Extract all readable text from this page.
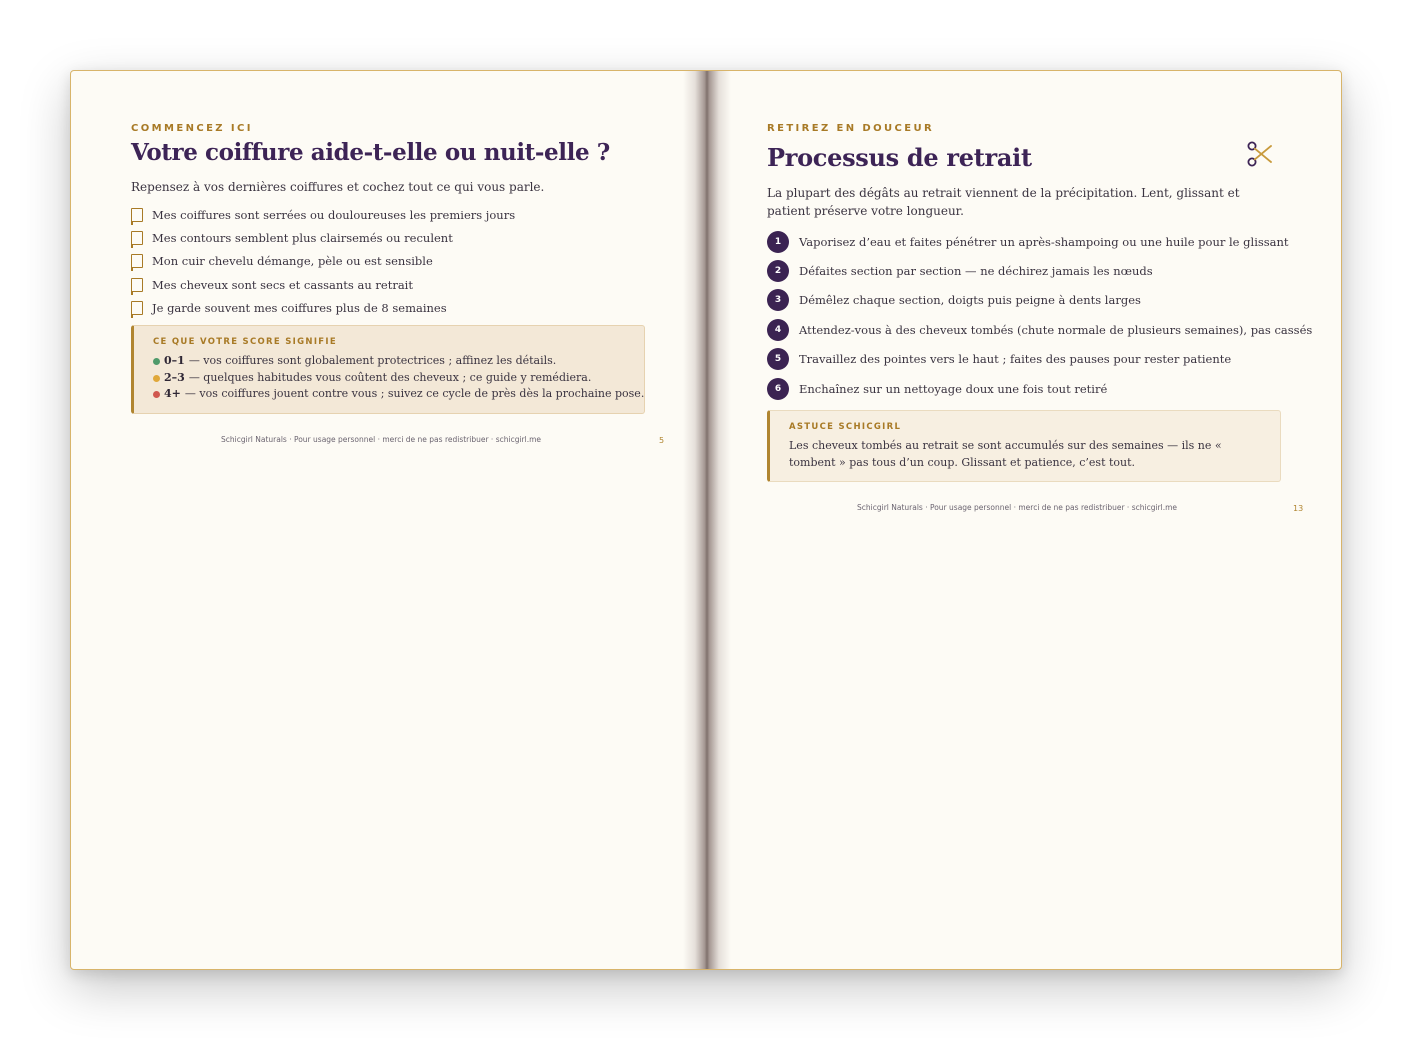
COMMENCEZ ICI
Votre coiffure aide-t-elle ou nuit-elle ?

Repensez à vos dernières coiffures et cochez tout ce qui vous parle.

Mes coiffures sont serrées ou douloureuses les premiers jours
Mes contours semblent plus clairsemés ou reculent
Mon cuir chevelu démange, pèle ou est sensible
Mes cheveux sont secs et cassants au retrait
Je garde souvent mes coiffures plus de 8 semaines
CE QUE VOTRE SCORE SIGNIFIE
0–1 — vos coiffures sont globalement protectrices ; affinez les détails.
2–3 — quelques habitudes vous coûtent des cheveux ; ce guide y remédiera.
4+ — vos coiffures jouent contre vous ; suivez ce cycle de près dès la prochaine pose.
Schicgirl Naturals · Pour usage personnel · merci de ne pas redistribuer · schicgirl.me	5
RETIREZ EN DOUCEUR
Processus de retrait

La plupart des dégâts au retrait viennent de la précipitation. Lent, glissant et patient préserve votre longueur.

1	Vaporisez d’eau et faites pénétrer un après-shampoing ou une huile pour le glissant
2	Défaites section par section — ne déchirez jamais les nœuds
3	Démêlez chaque section, doigts puis peigne à dents larges
4	Attendez-vous à des cheveux tombés (chute normale de plusieurs semaines), pas cassés
5	Travaillez des pointes vers le haut ; faites des pauses pour rester patiente
6	Enchaînez sur un nettoyage doux une fois tout retiré
ASTUCE SCHICGIRL

Les cheveux tombés au retrait se sont accumulés sur des semaines — ils ne « tombent » pas tous d’un coup. Glissant et patience, c’est tout.

Schicgirl Naturals · Pour usage personnel · merci de ne pas redistribuer · schicgirl.me	13
